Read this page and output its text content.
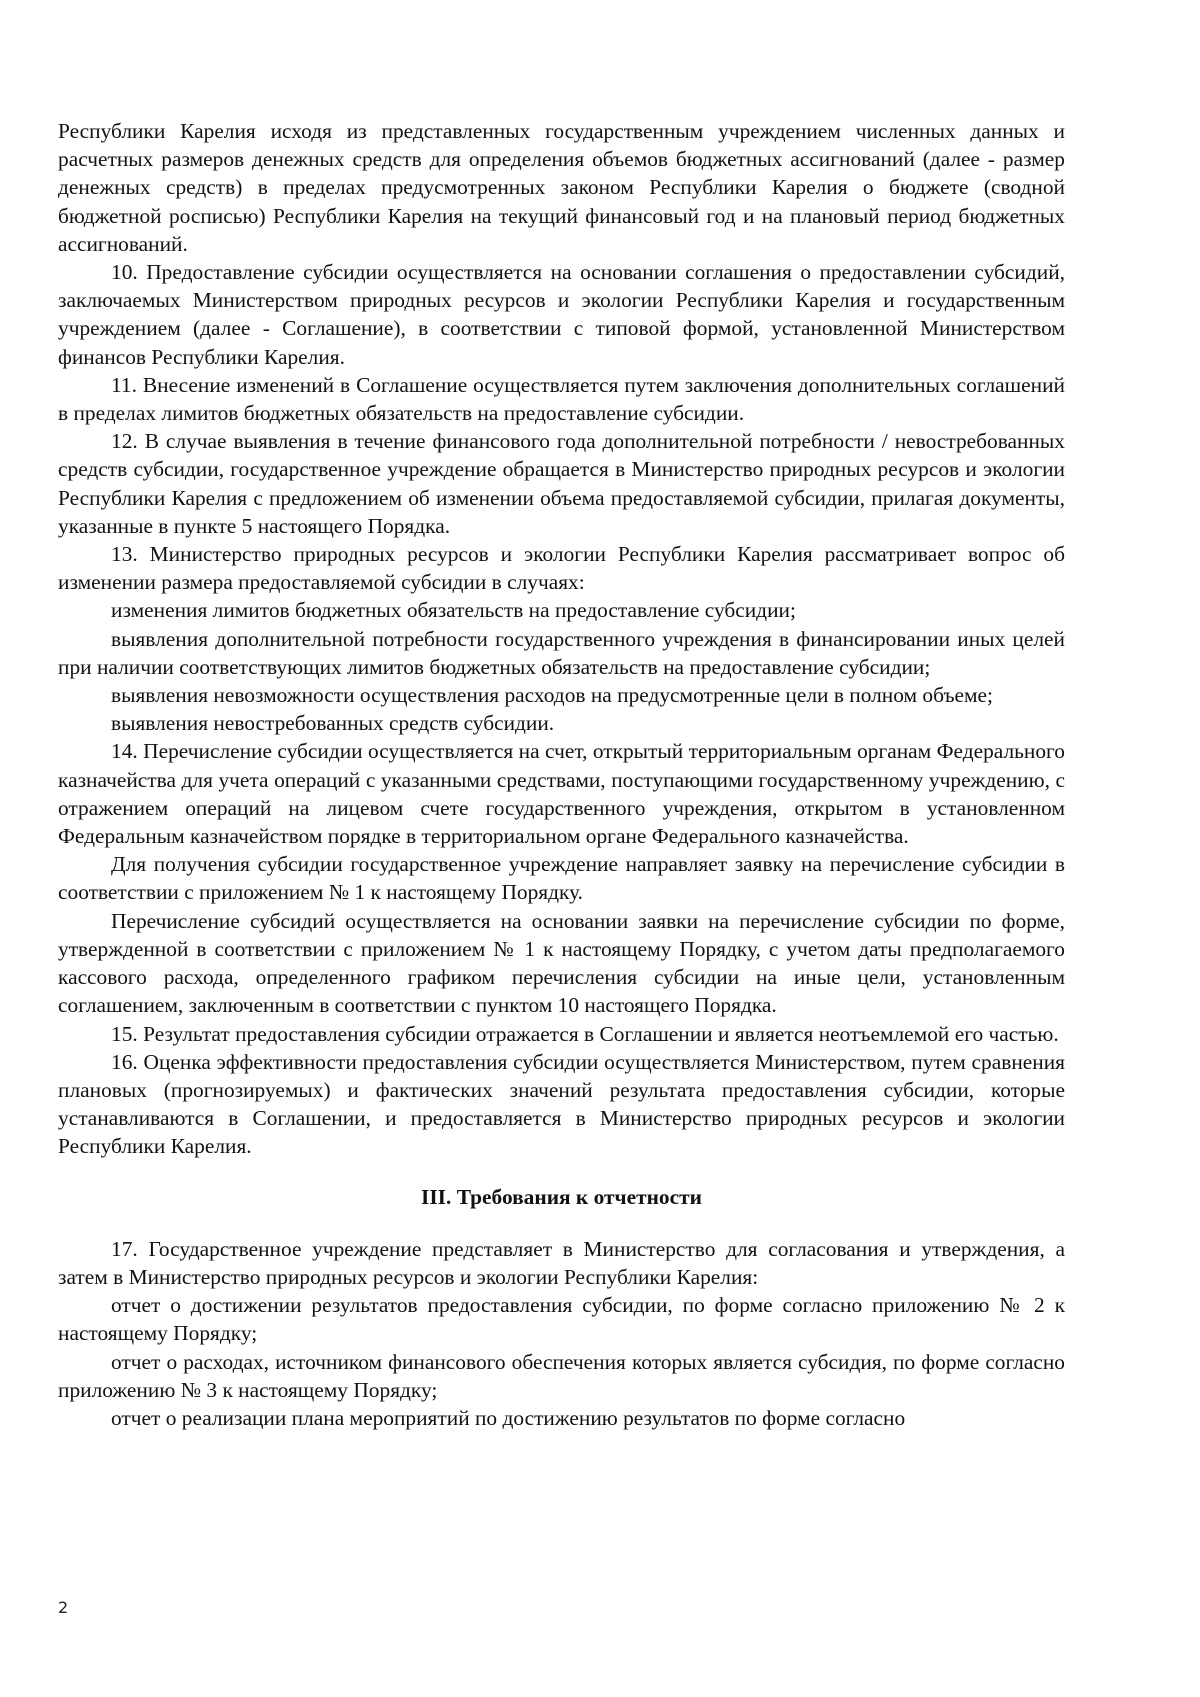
Республики Карелия исходя из представленных государственным учреждением численных данных и расчетных размеров денежных средств для определения объемов бюджетных ассигнований (далее - размер денежных средств) в пределах предусмотренных законом Республики Карелия о бюджете (сводной бюджетной росписью) Республики Карелия на текущий финансовый год и на плановый период бюджетных ассигнований.

10. Предоставление субсидии осуществляется на основании соглашения о предоставлении субсидий, заключаемых Министерством природных ресурсов и экологии Республики Карелия и государственным учреждением (далее - Соглашение), в соответствии с типовой формой, установленной Министерством финансов Республики Карелия.

11. Внесение изменений в Соглашение осуществляется путем заключения дополнительных соглашений в пределах лимитов бюджетных обязательств на предоставление субсидии.

12. В случае выявления в течение финансового года дополнительной потребности / невостребованных средств субсидии, государственное учреждение обращается в Министерство природных ресурсов и экологии Республики Карелия с предложением об изменении объема предоставляемой субсидии, прилагая документы, указанные в пункте 5 настоящего Порядка.

13. Министерство природных ресурсов и экологии Республики Карелия рассматривает вопрос об изменении размера предоставляемой субсидии в случаях:

изменения лимитов бюджетных обязательств на предоставление субсидии;

выявления дополнительной потребности государственного учреждения в финансировании иных целей при наличии соответствующих лимитов бюджетных обязательств на предоставление субсидии;

выявления невозможности осуществления расходов на предусмотренные цели в полном объеме;

выявления невостребованных средств субсидии.

14. Перечисление субсидии осуществляется на счет, открытый территориальным органам Федерального казначейства для учета операций с указанными средствами, поступающими государственному учреждению, с отражением операций на лицевом счете государственного учреждения, открытом в установленном Федеральным казначейством порядке в территориальном органе Федерального казначейства.

Для получения субсидии государственное учреждение направляет заявку на перечисление субсидии в соответствии с приложением № 1 к настоящему Порядку.

Перечисление субсидий осуществляется на основании заявки на перечисление субсидии по форме, утвержденной в соответствии с приложением № 1 к настоящему Порядку, с учетом даты предполагаемого кассового расхода, определенного графиком перечисления субсидии на иные цели, установленным соглашением, заключенным в соответствии с пунктом 10 настоящего Порядка.

15. Результат предоставления субсидии отражается в Соглашении и является неотъемлемой его частью.

16. Оценка эффективности предоставления субсидии осуществляется Министерством, путем сравнения плановых (прогнозируемых) и фактических значений результата предоставления субсидии, которые устанавливаются в Соглашении, и предоставляется в Министерство природных ресурсов и экологии Республики Карелия.

III. Требования к отчетности

17. Государственное учреждение представляет в Министерство для согласования и утверждения, а затем в Министерство природных ресурсов и экологии Республики Карелия:

отчет о достижении результатов предоставления субсидии, по форме согласно приложению № 2 к настоящему Порядку;

отчет о расходах, источником финансового обеспечения которых является субсидия, по форме согласно приложению № 3 к настоящему Порядку;

отчет о реализации плана мероприятий по достижению результатов по форме согласно

2
